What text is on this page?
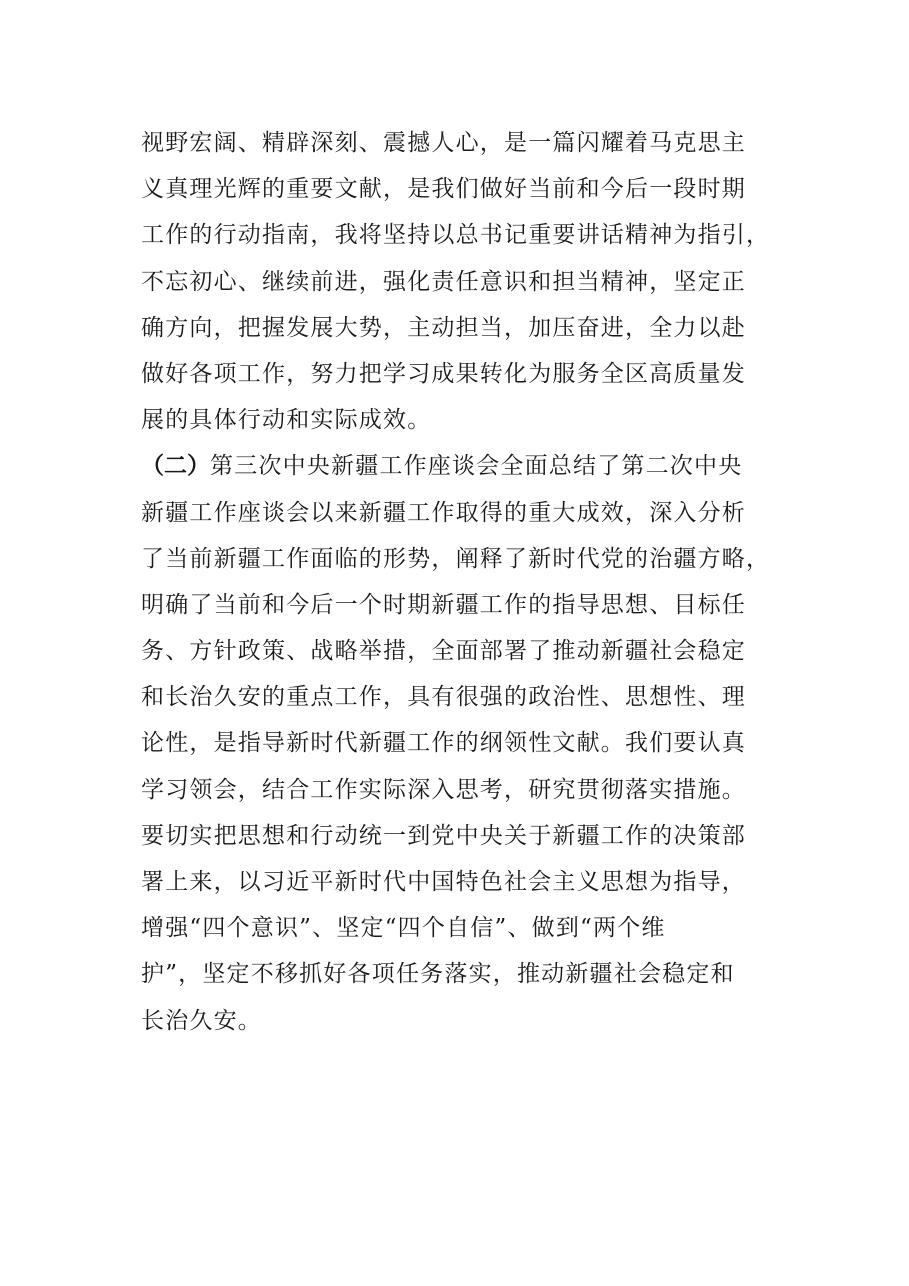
视野宏阔、精辟深刻、震撼人心，是一篇闪耀着马克思主
义真理光辉的重要文献，是我们做好当前和今后一段时期
工作的行动指南，我将坚持以总书记重要讲话精神为指引，
不忘初心、继续前进，强化责任意识和担当精神，坚定正
确方向，把握发展大势，主动担当，加压奋进，全力以赴
做好各项工作，努力把学习成果转化为服务全区高质量发
展的具体行动和实际成效。
（二）第三次中央新疆工作座谈会全面总结了第二次中央
新疆工作座谈会以来新疆工作取得的重大成效，深入分析
了当前新疆工作面临的形势，阐释了新时代党的治疆方略，
明确了当前和今后一个时期新疆工作的指导思想、目标任
务、方针政策、战略举措，全面部署了推动新疆社会稳定
和长治久安的重点工作，具有很强的政治性、思想性、理
论性，是指导新时代新疆工作的纲领性文献。我们要认真
学习领会，结合工作实际深入思考，研究贯彻落实措施。
要切实把思想和行动统一到党中央关于新疆工作的决策部
署上来，以习近平新时代中国特色社会主义思想为指导，
增强“四个意识”、坚定“四个自信”、做到“两个维
护”，坚定不移抓好各项任务落实，推动新疆社会稳定和
长治久安。
